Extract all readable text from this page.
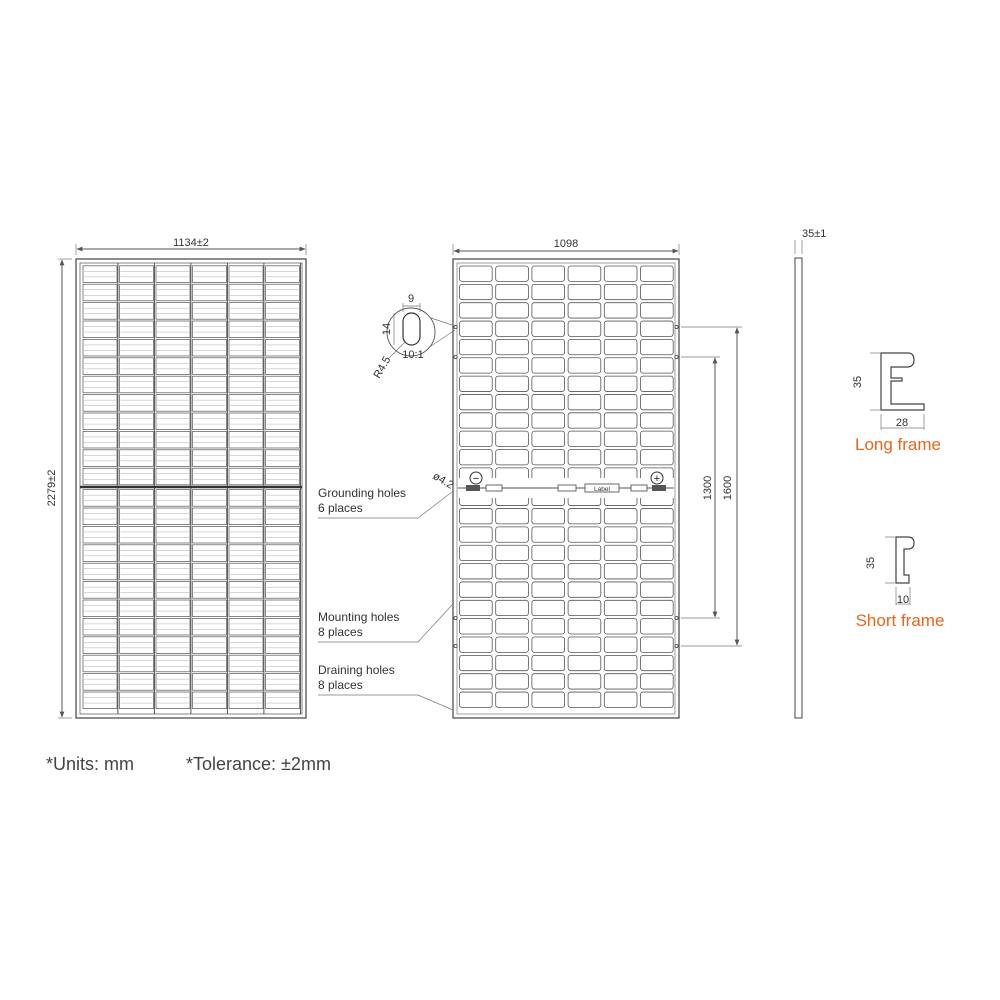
1134±2
2279±2	−	+
Label
1098
1300 1600
ø4.2
9
14
R4.5 10:1
Grounding holes
6 places
Mounting holes
8 places
Draining holes
8 places
35±1
35
28
Long frame
35
10
Short frame
*Units: mm	*Tolerance: ±2mm
